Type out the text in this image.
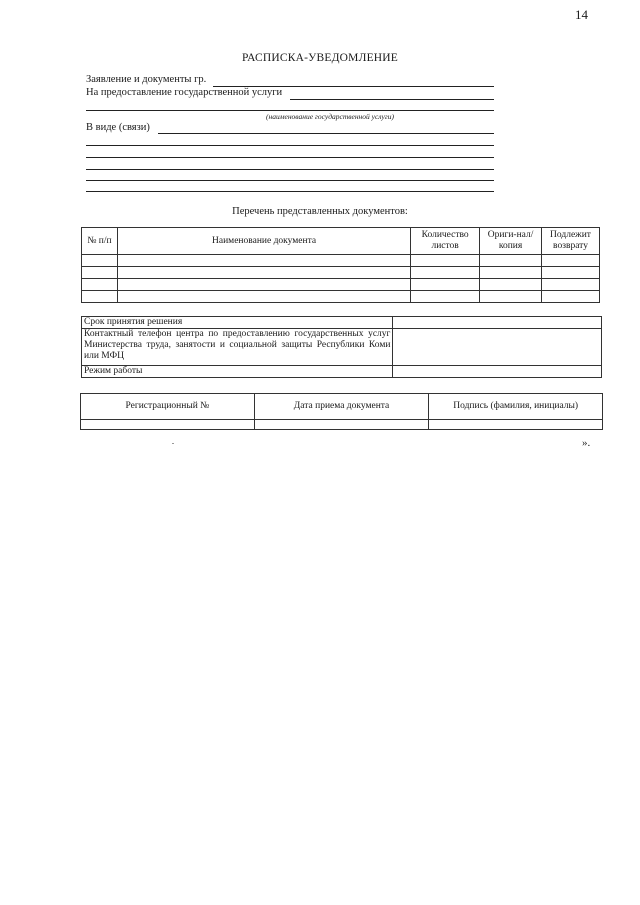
14
РАСПИСКА-УВЕДОМЛЕНИЕ
Заявление и документы гр.
На предоставление государственной услуги
(наименование государственной услуги)
В виде (связи)
Перечень представленных документов:
№ п/п	Наименование документа	Количество листов	Ориги-нал/копия	Подлежит возврату

Срок принятия решения	
Контактный телефон центра по предоставлению государственных услуг Министерства труда, занятости и социальной защиты Республики Коми или МФЦ	
Режим работы	
Регистрационный №	Дата приема документа	Подпись (фамилия, инициалы)

».
